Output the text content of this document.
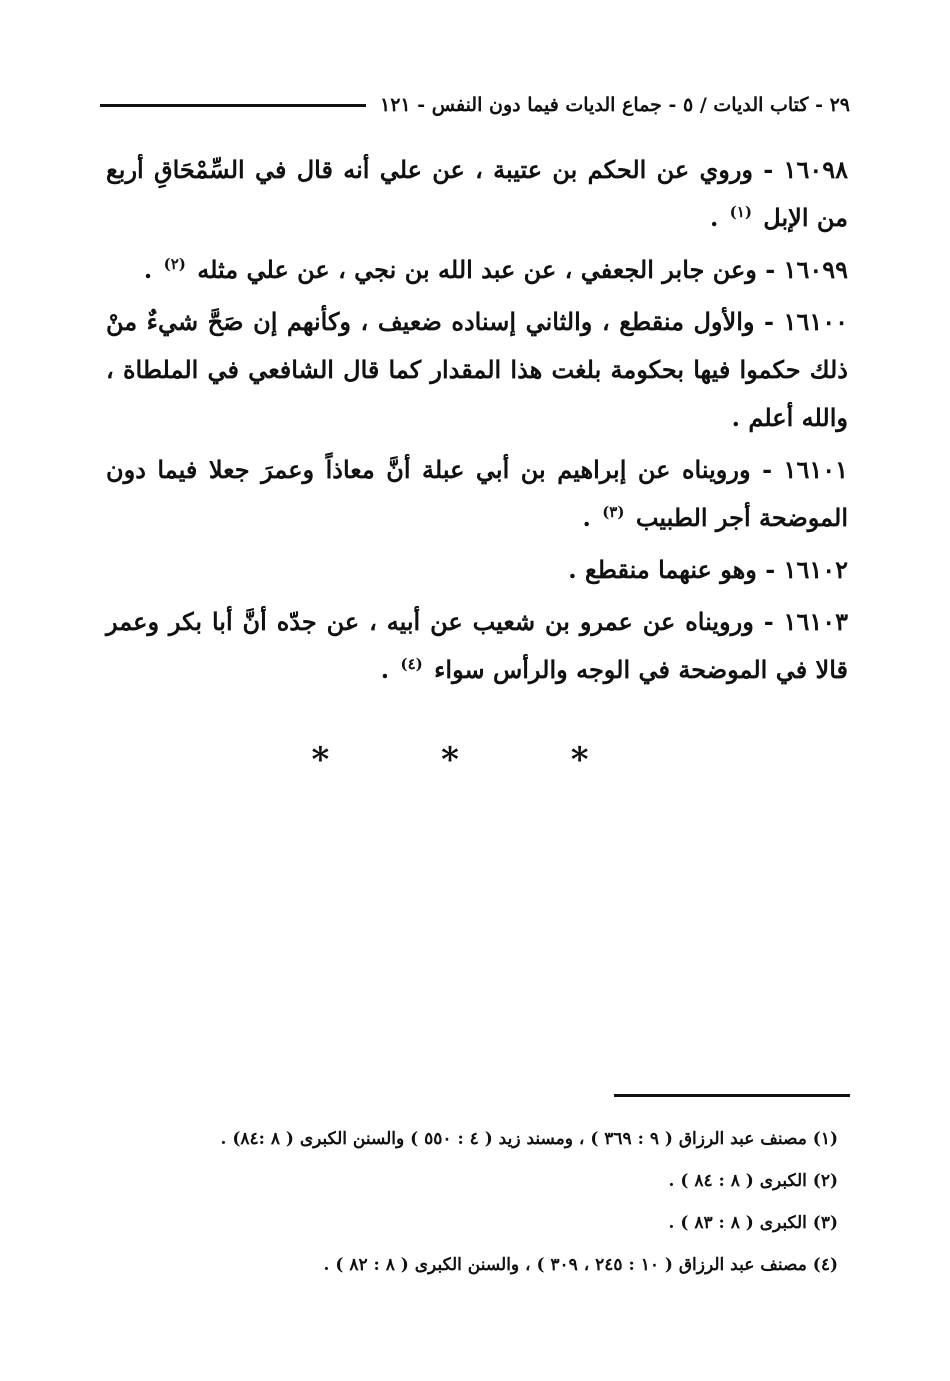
٢٩ - كتاب الديات / ٥ - جماع الديات فيما دون النفس - ١٢١

١٦٠٩٨ - وروي عن الحكم بن عتيبة ، عن علي أنه قال في السِّمْحَاقِ أربع من الإبل $^{(١)}$ .

١٦٠٩٩ - وعن جابر الجعفي ، عن عبد الله بن نجي ، عن علي مثله $^{(٢)}$ .

١٦١٠٠ - والأول منقطع ، والثاني إسناده ضعيف ، وكأنهم إن صَحَّ شيءٌ منْ ذلك حكموا فيها بحكومة بلغت هذا المقدار كما قال الشافعي في الملطاة ، والله أعلم .

١٦١٠١ - ورويناه عن إبراهيم بن أبي عبلة أنَّ معاذاً وعمرَ جعلا فيما دون الموضحة أجر الطبيب $^{(٣)}$ .

١٦١٠٢ - وهو عنهما منقطع .

١٦١٠٣ - ورويناه عن عمرو بن شعيب عن أبيه ، عن جدّه أنَّ أبا بكر وعمر قالا في الموضحة في الوجه والرأس سواء $^{(٤)}$ .

* * *
(١) مصنف عبد الرزاق ( ٩ : ٣٦٩ ) ، ومسند زيد ( ٤ : ٥٥٠ ) والسنن الكبرى ( ٨ :٨٤) .
(٢) الكبرى ( ٨ : ٨٤ ) .
(٣) الكبرى ( ٨ : ٨٣ ) .
(٤) مصنف عبد الرزاق ( ١٠ : ٢٤٥ ، ٣٠٩ ) ، والسنن الكبرى ( ٨ : ٨٢ ) .
